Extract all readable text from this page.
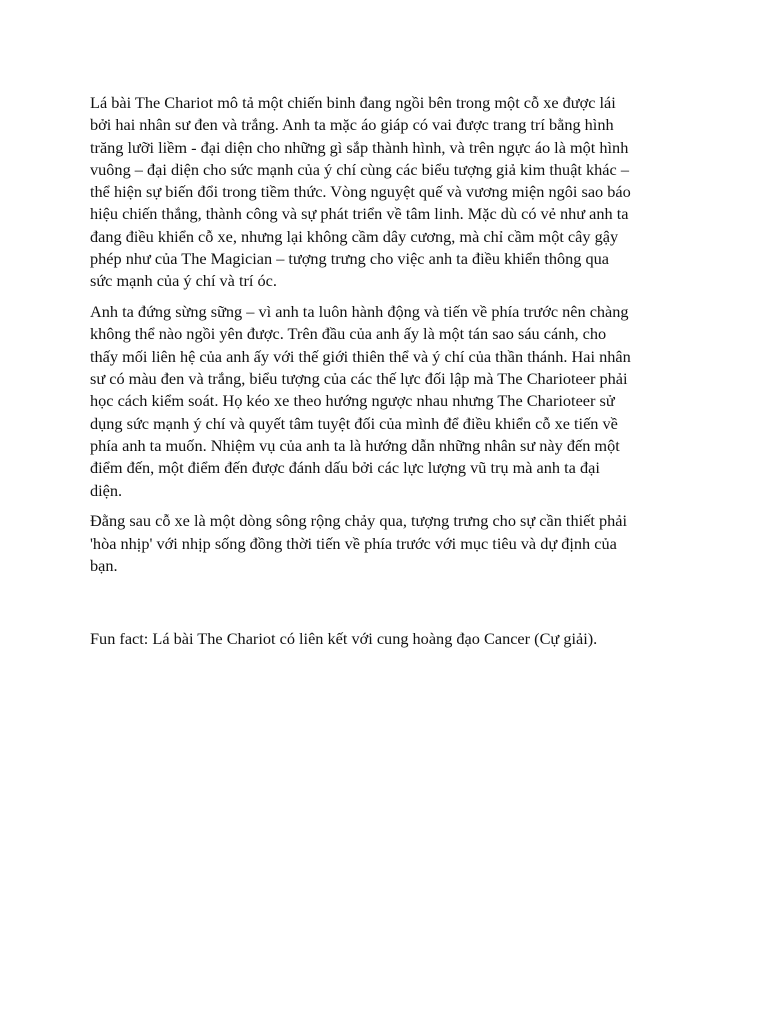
Lá bài The Chariot mô tả một chiến binh đang ngồi bên trong một cỗ xe được lái
bởi hai nhân sư đen và trắng. Anh ta mặc áo giáp có vai được trang trí bằng hình
trăng lưỡi liềm - đại diện cho những gì sắp thành hình, và trên ngực áo là một hình
vuông – đại diện cho sức mạnh của ý chí cùng các biểu tượng giả kim thuật khác –
thể hiện sự biến đổi trong tiềm thức. Vòng nguyệt quế và vương miện ngôi sao báo
hiệu chiến thắng, thành công và sự phát triển về tâm linh. Mặc dù có vẻ như anh ta
đang điều khiển cỗ xe, nhưng lại không cầm dây cương, mà chỉ cầm một cây gậy
phép như của The Magician – tượng trưng cho việc anh ta điều khiển thông qua
sức mạnh của ý chí và trí óc.

Anh ta đứng sừng sững – vì anh ta luôn hành động và tiến về phía trước nên chàng
không thể nào ngồi yên được. Trên đầu của anh ấy là một tán sao sáu cánh, cho
thấy mối liên hệ của anh ấy với thế giới thiên thể và ý chí của thần thánh. Hai nhân
sư có màu đen và trắng, biểu tượng của các thế lực đối lập mà The Charioteer phải
học cách kiểm soát. Họ kéo xe theo hướng ngược nhau nhưng The Charioteer sử
dụng sức mạnh ý chí và quyết tâm tuyệt đối của mình để điều khiển cỗ xe tiến về
phía anh ta muốn. Nhiệm vụ của anh ta là hướng dẫn những nhân sư này đến một
điểm đến, một điểm đến được đánh dấu bởi các lực lượng vũ trụ mà anh ta đại
diện.

Đằng sau cỗ xe là một dòng sông rộng chảy qua, tượng trưng cho sự cần thiết phải
'hòa nhịp' với nhịp sống đồng thời tiến về phía trước với mục tiêu và dự định của
bạn.

Fun fact: Lá bài The Chariot có liên kết với cung hoàng đạo Cancer (Cự giải).
